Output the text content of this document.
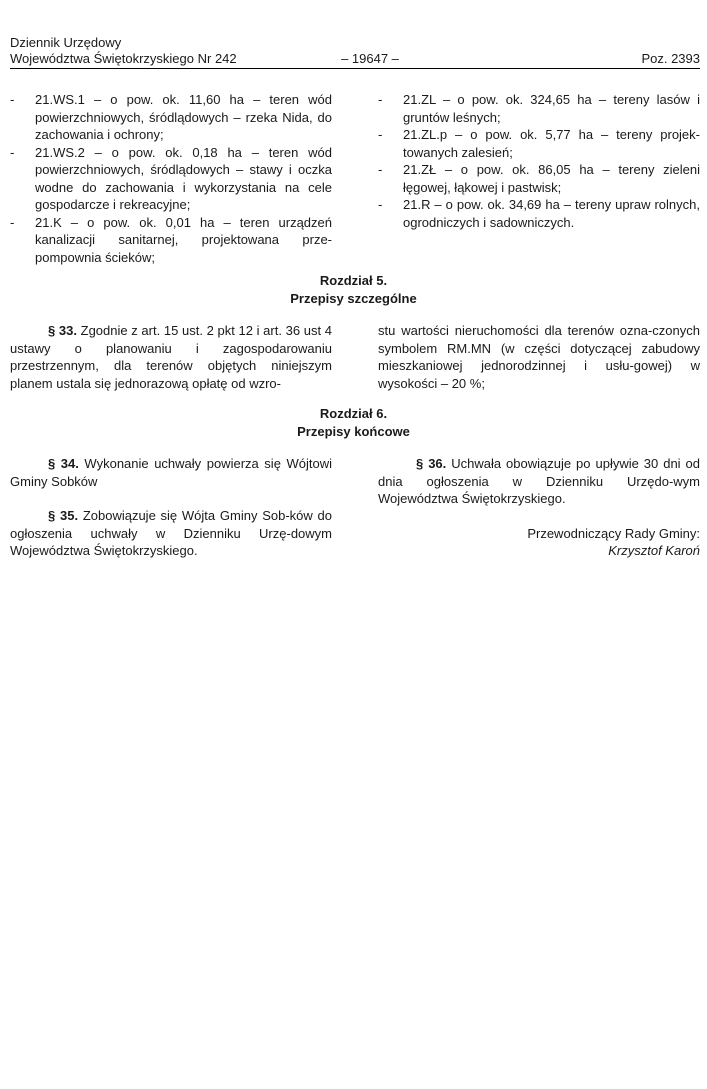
Dziennik Urzędowy
Województwa Świętokrzyskiego Nr 242	– 19647 –	Poz. 2393
- 21.WS.1 – o pow. ok. 11,60 ha – teren wód powierzchniowych, śródlądowych – rzeka Nida, do zachowania i ochrony;
- 21.WS.2 – o pow. ok. 0,18 ha – teren wód powierzchniowych, śródlądowych – stawy i oczka wodne do zachowania i wykorzystania na cele gospodarcze i rekreacyjne;
- 21.K – o pow. ok. 0,01 ha – teren urządzeń kanalizacji sanitarnej, projektowana prze-pompownia ścieków;
- 21.ZL – o pow. ok. 324,65 ha – tereny lasów i gruntów leśnych;
- 21.ZL.p – o pow. ok. 5,77 ha – tereny projek-towanych zalesień;
- 21.ZŁ – o pow. ok. 86,05 ha – tereny zieleni łęgowej, łąkowej i pastwisk;
- 21.R – o pow. ok. 34,69 ha – tereny upraw rolnych, ogrodniczych i sadowniczych.
Rozdział 5.
Przepisy szczególne

§ 33. Zgodnie z art. 15 ust. 2 pkt 12 i art. 36 ust 4 ustawy o planowaniu i zagospodarowaniu przestrzennym, dla terenów objętych niniejszym planem ustala się jednorazową opłatę od wzro-

stu wartości nieruchomości dla terenów ozna-czonych symbolem RM.MN (w części dotyczącej zabudowy mieszkaniowej jednorodzinnej i usłu-gowej) w wysokości – 20 %;

Rozdział 6.
Przepisy końcowe

§ 34. Wykonanie uchwały powierza się Wójtowi Gminy Sobków

§ 35. Zobowiązuje się Wójta Gminy Sob-ków do ogłoszenia uchwały w Dzienniku Urzę-dowym Województwa Świętokrzyskiego.

§ 36. Uchwała obowiązuje po upływie 30 dni od dnia ogłoszenia w Dzienniku Urzędo-wym Województwa Świętokrzyskiego.

Przewodniczący Rady Gminy:
Krzysztof Karoń
